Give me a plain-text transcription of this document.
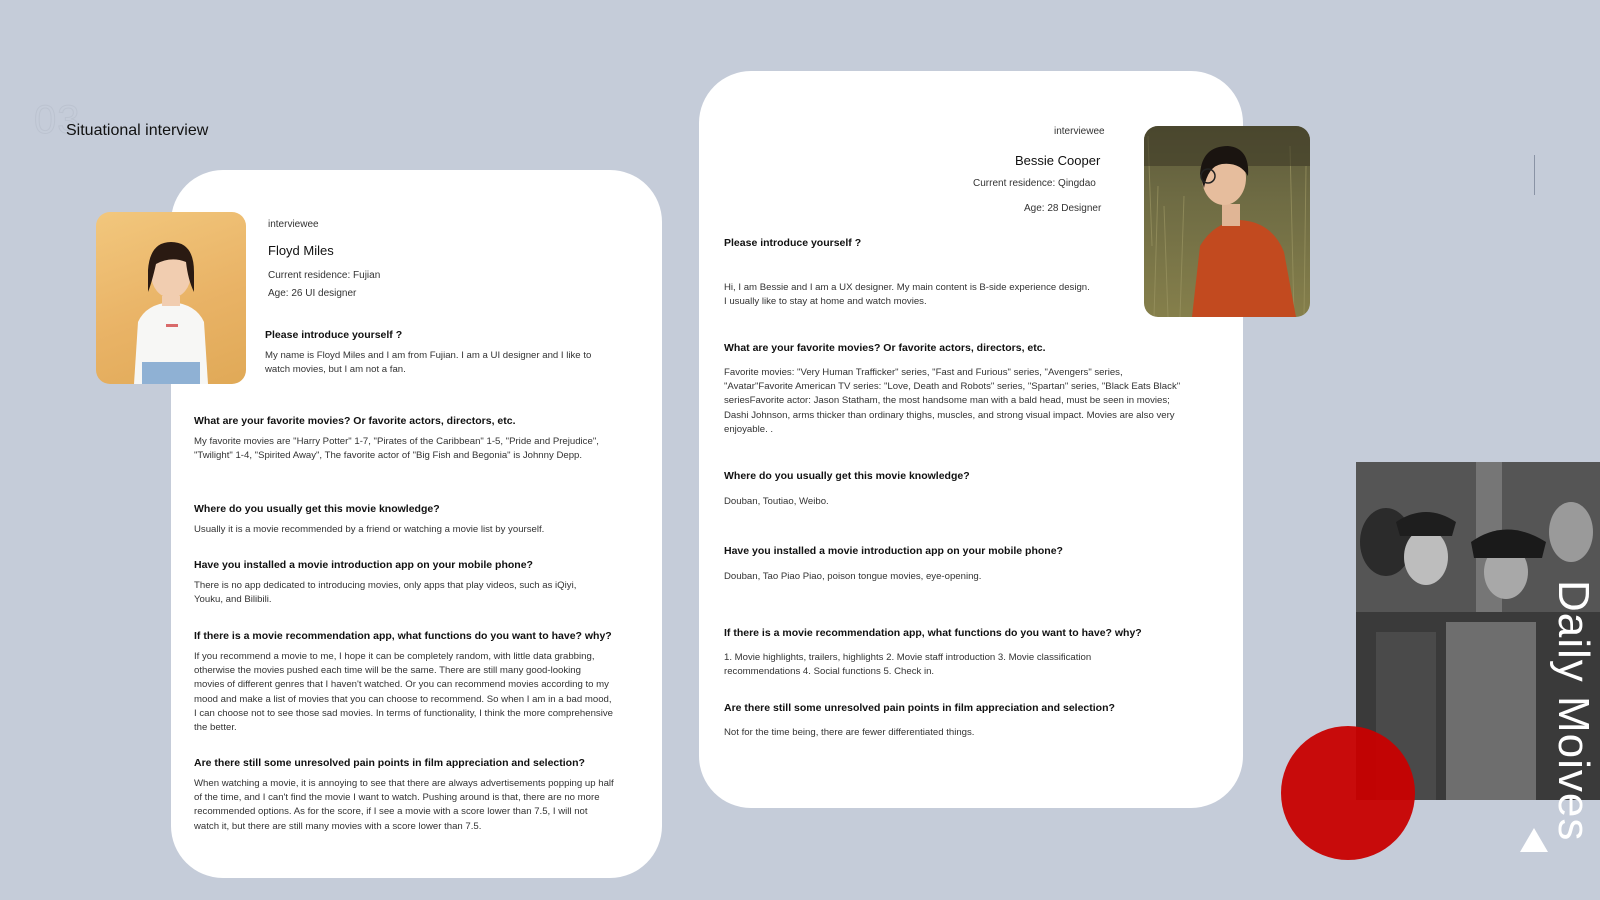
03
Situational interview
interviewee
Floyd Miles
Current residence: Fujian
Age: 26 UI designer

Please introduce yourself ?

My name is Floyd Miles and I am from Fujian. I am a UI designer and I like to watch movies, but I am not a fan.

What are your favorite movies? Or favorite actors, directors, etc.

My favorite movies are "Harry Potter" 1-7, "Pirates of the Caribbean" 1-5, "Pride and Prejudice", "Twilight" 1-4, "Spirited Away", The favorite actor of "Big Fish and Begonia" is Johnny Depp.

Where do you usually get this movie knowledge?

Usually it is a movie recommended by a friend or watching a movie list by yourself.

Have you installed a movie introduction app on your mobile phone?

There is no app dedicated to introducing movies, only apps that play videos, such as iQiyi, Youku, and Bilibili.

If there is a movie recommendation app, what functions do you want to have? why?

If you recommend a movie to me, I hope it can be completely random, with little data grabbing, otherwise the movies pushed each time will be the same. There are still many good-looking movies of different genres that I haven't watched. Or you can recommend movies according to my mood and make a list of movies that you can choose to recommend. So when I am in a bad mood, I can choose not to see those sad movies. In terms of functionality, I think the more comprehensive the better.

Are there still some unresolved pain points in film appreciation and selection?

When watching a movie, it is annoying to see that there are always advertisements popping up half of the time, and I can't find the movie I want to watch. Pushing around is that, there are no more recommended options. As for the score, if I see a movie with a score lower than 7.5, I will not watch it, but there are still many movies with a score lower than 7.5.

interviewee
Bessie Cooper
Current residence: Qingdao
Age: 28 Designer

Please introduce yourself ?

Hi, I am Bessie and I am a UX designer. My main content is B-side experience design. I usually like to stay at home and watch movies.

What are your favorite movies? Or favorite actors, directors, etc.

Favorite movies: "Very Human Trafficker" series, "Fast and Furious" series, "Avengers" series, "Avatar"Favorite American TV series: "Love, Death and Robots" series, "Spartan" series, "Black Eats Black" seriesFavorite actor: Jason Statham, the most handsome man with a bald head, must be seen in movies; Dashi Johnson, arms thicker than ordinary thighs, muscles, and strong visual impact. Movies are also very enjoyable. .

Where do you usually get this movie knowledge?

Douban, Toutiao, Weibo.

Have you installed a movie introduction app on your mobile phone?

Douban, Tao Piao Piao, poison tongue movies, eye-opening.

If there is a movie recommendation app, what functions do you want to have? why?

1. Movie highlights, trailers, highlights 2. Movie staff introduction 3. Movie classification recommendations 4. Social functions 5. Check in.

Are there still some unresolved pain points in film appreciation and selection?

Not for the time being, there are fewer differentiated things.	Daily Moives
